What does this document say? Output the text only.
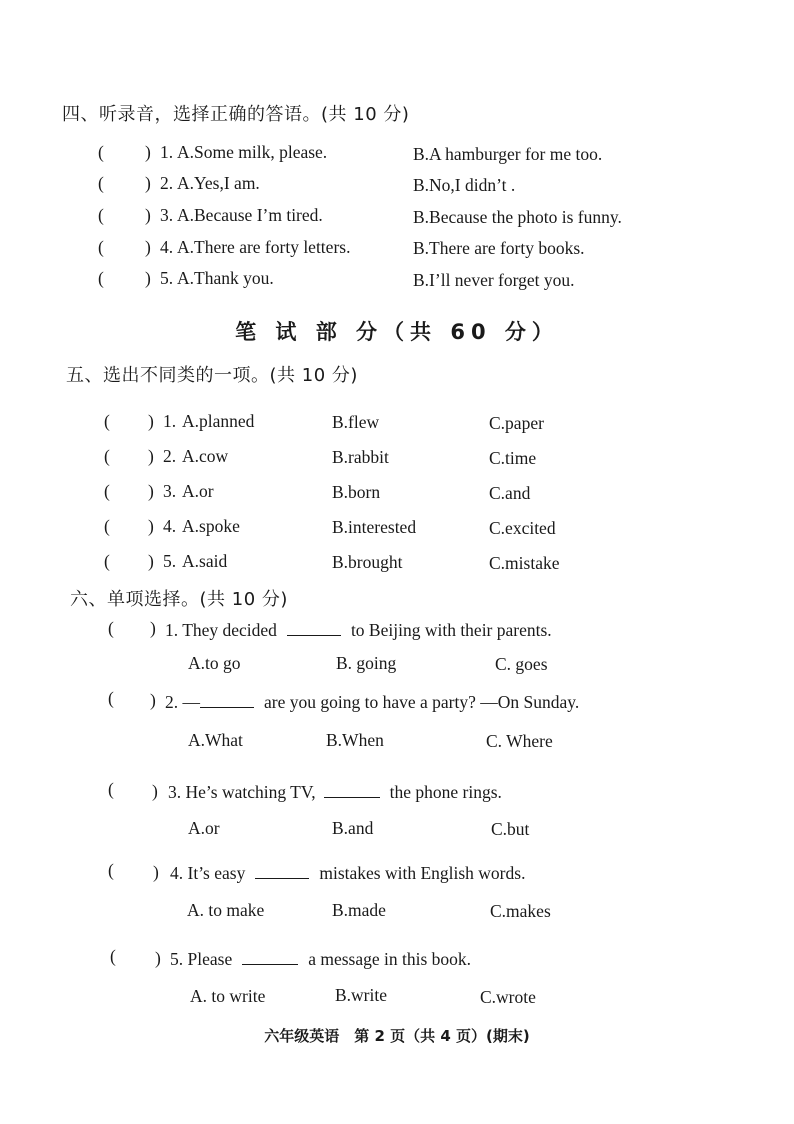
四、听录音，选择正确的答语。(共 10 分)
( ) 1. A.Some milk, please.	B.A hamburger for me too.
( ) 2. A.Yes,I am.	B.No,I didn’t .
( ) 3. A.Because I’m tired.	B.Because the photo is funny.
( ) 4. A.There are forty letters.	B.There are forty books.
( ) 5. A.Thank you.	B.I’ll never forget you.
笔 试 部 分（共 60 分）
五、选出不同类的一项。(共 10 分)
( ) 1. A.planned	B.flew	C.paper
( ) 2. A.cow	B.rabbit	C.time
( ) 3. A.or	B.born	C.and
( ) 4. A.spoke	B.interested	C.excited
( ) 5. A.said	B.brought	C.mistake
六、单项选择。(共 10 分)
( ) 1. They decided	to Beijing with their parents.
A.to go	B. going	C. goes
( ) 2. —	are you going to have a party? —On Sunday.
A.What	B.When	C. Where
( ) 3. He’s watching TV,	the phone rings.
A.or	B.and	C.but
( ) 4. It’s easy	mistakes with English words.
A. to make	B.made	C.makes
( ) 5. Please	a message in this book.
A. to write	B.write	C.wrote
六年级英语　第 2 页（共 4 页）(期末)
